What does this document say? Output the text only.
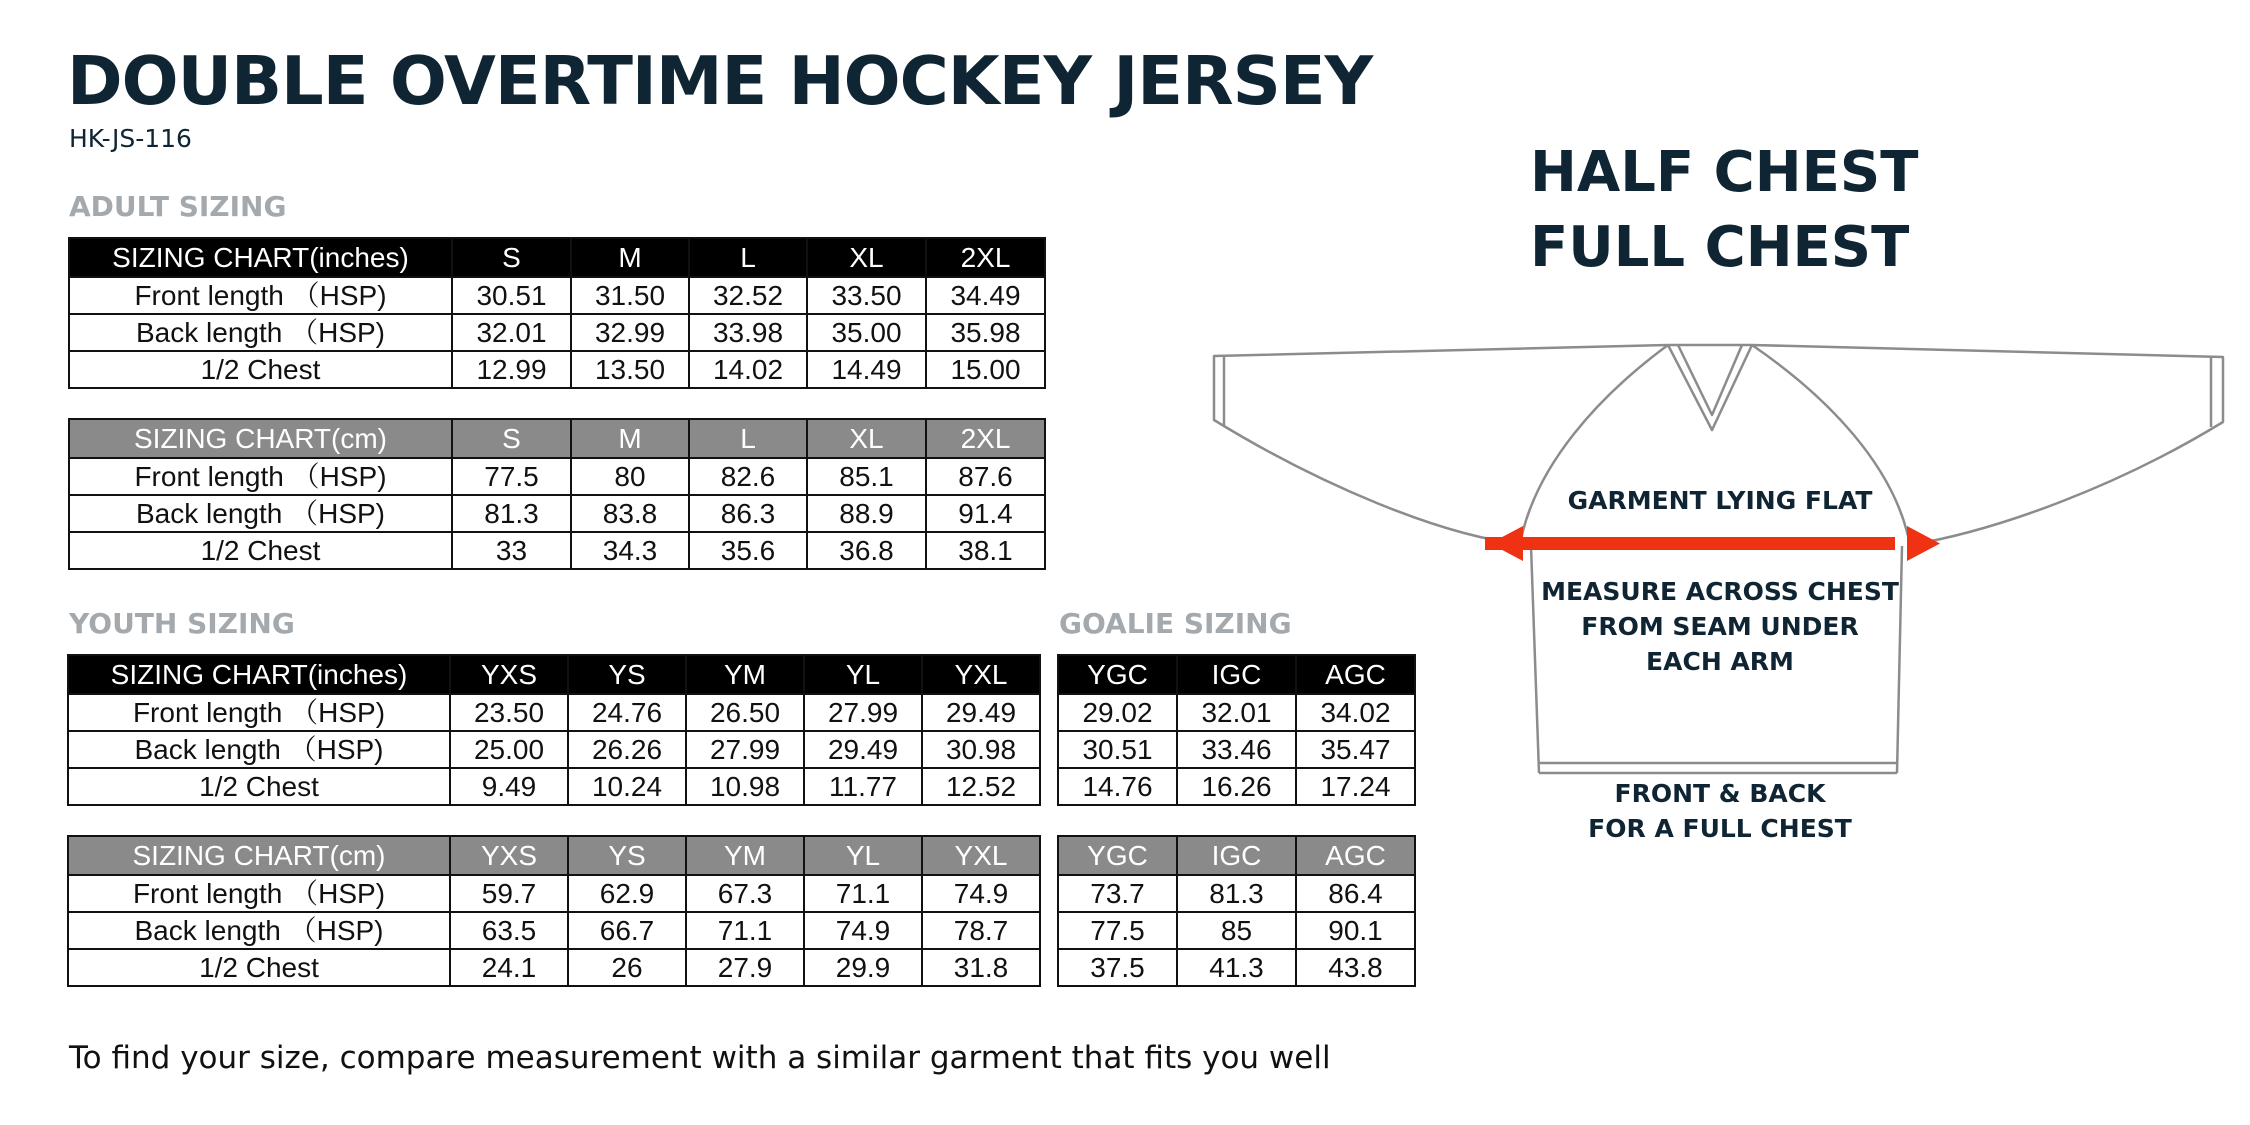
DOUBLE OVERTIME HOCKEY JERSEY
HK-JS-116
ADULT SIZING
SIZING CHART(inches)	S	M	L	XL	2XL
Front length （HSP)	30.51	31.50	32.52	33.50	34.49
Back length （HSP)	32.01	32.99	33.98	35.00	35.98
1/2 Chest	12.99	13.50	14.02	14.49	15.00
SIZING CHART(cm)	S	M	L	XL	2XL
Front length （HSP)	77.5	80	82.6	85.1	87.6
Back length （HSP)	81.3	83.8	86.3	88.9	91.4
1/2 Chest	33	34.3	35.6	36.8	38.1
YOUTH SIZING
SIZING CHART(inches)	YXS	YS	YM	YL	YXL
Front length （HSP)	23.50	24.76	26.50	27.99	29.49
Back length （HSP)	25.00	26.26	27.99	29.49	30.98
1/2 Chest	9.49	10.24	10.98	11.77	12.52
SIZING CHART(cm)	YXS	YS	YM	YL	YXL
Front length （HSP)	59.7	62.9	67.3	71.1	74.9
Back length （HSP)	63.5	66.7	71.1	74.9	78.7
1/2 Chest	24.1	26	27.9	29.9	31.8
GOALIE SIZING
YGC	IGC	AGC
29.02	32.01	34.02
30.51	33.46	35.47
14.76	16.26	17.24
YGC	IGC	AGC
73.7	81.3	86.4
77.5	85	90.1
37.5	41.3	43.8
HALF CHEST
FULL CHEST
GARMENT LYING FLAT
MEASURE ACROSS CHEST
FROM SEAM UNDER
EACH ARM
FRONT & BACK
FOR A FULL CHEST
To find your size, compare measurement with a similar garment that fits you well
